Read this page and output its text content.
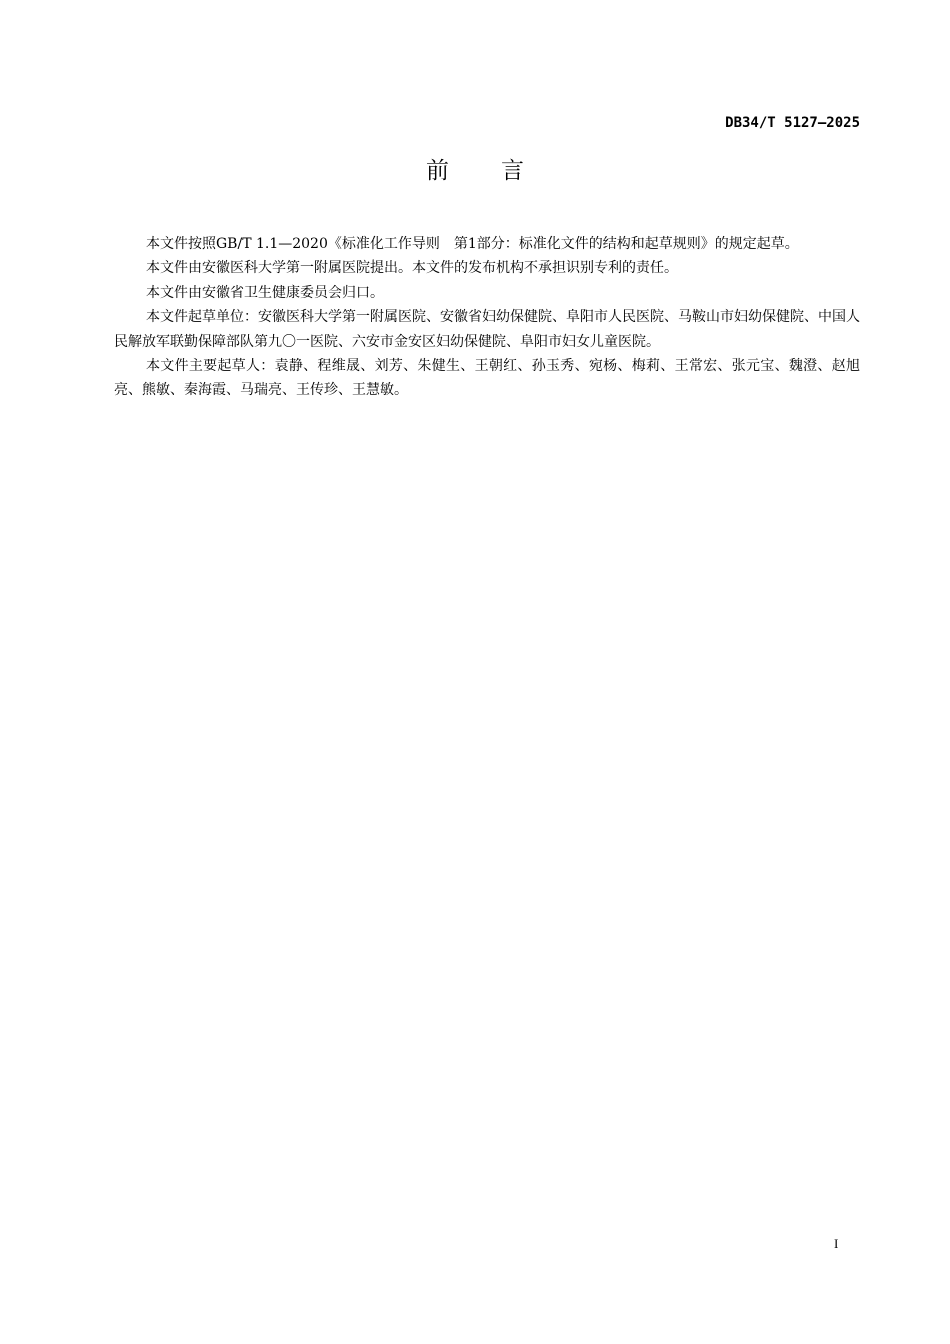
DB34/T 5127—2025
前 言

本文件按照GB/T 1.1—2020《标准化工作导则　第1部分：标准化文件的结构和起草规则》的规定起草。

本文件由安徽医科大学第一附属医院提出。本文件的发布机构不承担识别专利的责任。

本文件由安徽省卫生健康委员会归口。

本文件起草单位：安徽医科大学第一附属医院、安徽省妇幼保健院、阜阳市人民医院、马鞍山市妇幼保健院、中国人民解放军联勤保障部队第九〇一医院、六安市金安区妇幼保健院、阜阳市妇女儿童医院。

本文件主要起草人：袁静、程维晟、刘芳、朱健生、王朝红、孙玉秀、宛杨、梅莉、王常宏、张元宝、魏澄、赵旭亮、熊敏、秦海霞、马瑞亮、王传珍、王慧敏。

I
